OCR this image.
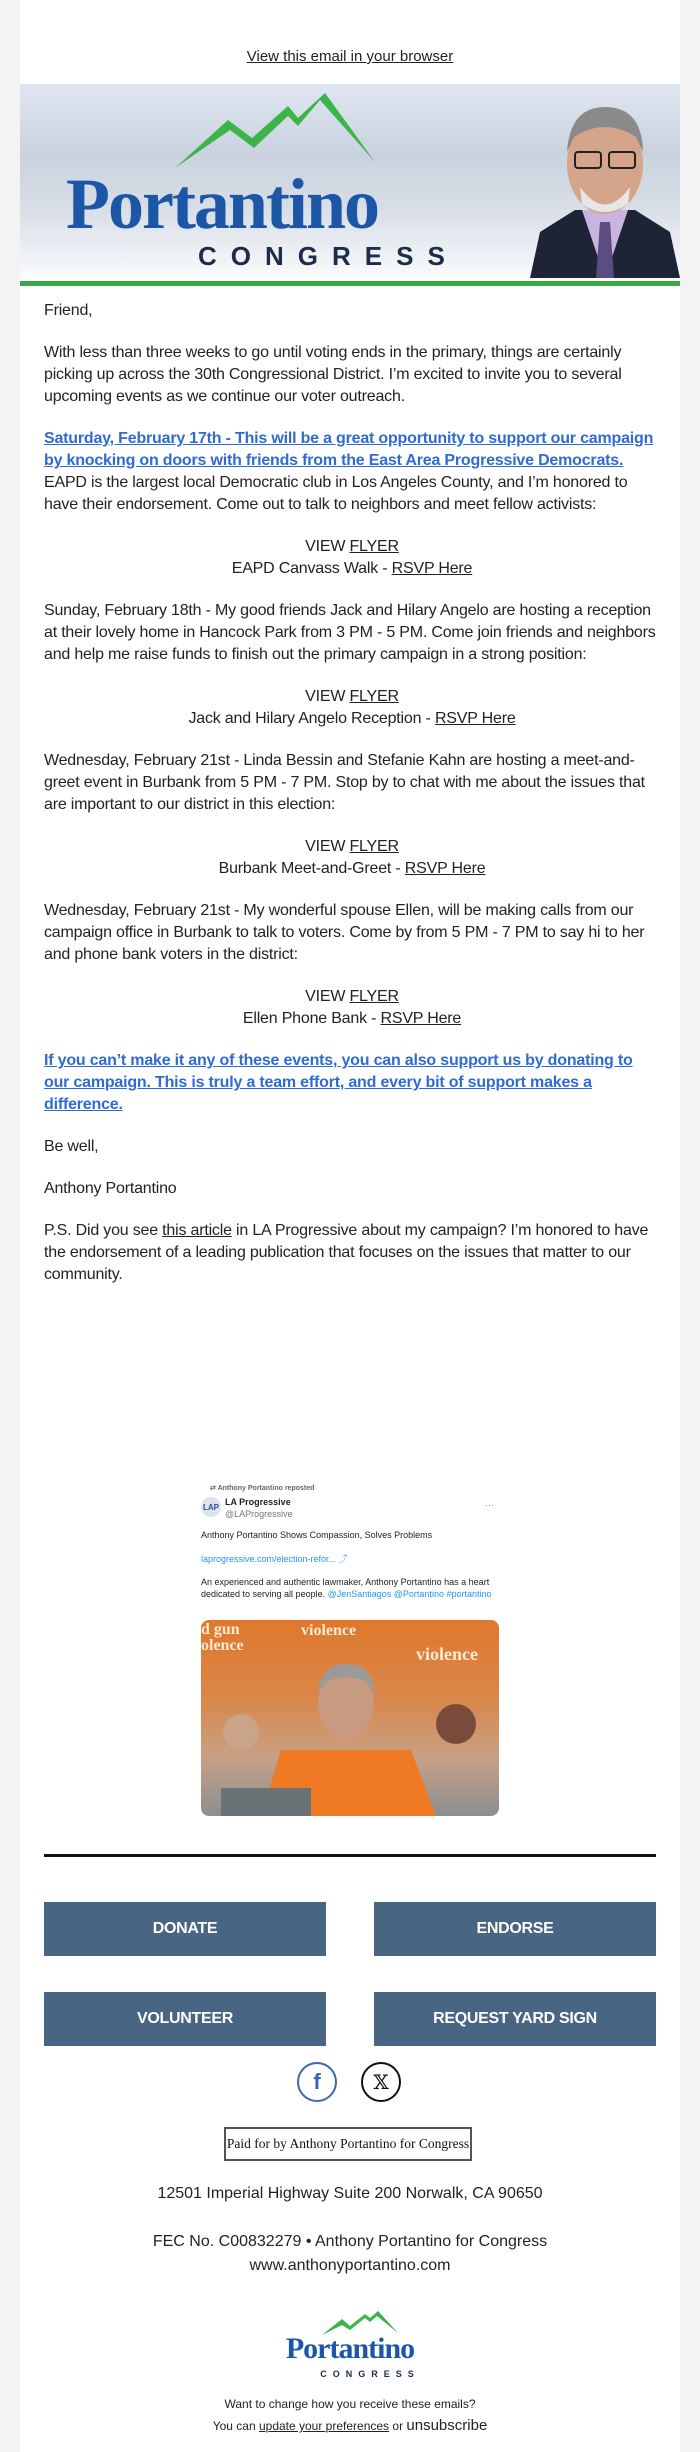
View this email in your browser
Portantino
CONGRESS

Friend,

With less than three weeks to go until voting ends in the primary, things are certainly picking up across the 30th Congressional District. I’m excited to invite you to several upcoming events as we continue our voter outreach.

Saturday, February 17th - This will be a great opportunity to support our campaign by knocking on doors with friends from the East Area Progressive Democrats. EAPD is the largest local Democratic club in Los Angeles County, and I’m honored to have their endorsement. Come out to talk to neighbors and meet fellow activists:

VIEW FLYER
EAPD Canvass Walk - RSVP Here

Sunday, February 18th - My good friends Jack and Hilary Angelo are hosting a reception at their lovely home in Hancock Park from 3 PM - 5 PM. Come join friends and neighbors and help me raise funds to finish out the primary campaign in a strong position:

VIEW FLYER
Jack and Hilary Angelo Reception - RSVP Here

Wednesday, February 21st - Linda Bessin and Stefanie Kahn are hosting a meet-and-greet event in Burbank from 5 PM - 7 PM. Stop by to chat with me about the issues that are important to our district in this election:

VIEW FLYER
Burbank Meet-and-Greet - RSVP Here

Wednesday, February 21st - My wonderful spouse Ellen, will be making calls from our campaign office in Burbank to talk to voters. Come by from 5 PM - 7 PM to say hi to her and phone bank voters in the district:

VIEW FLYER
Ellen Phone Bank - RSVP Here

If you can’t make it any of these events, you can also support us by donating to our campaign. This is truly a team effort, and every bit of support makes a difference.

Be well,

Anthony Portantino

P.S. Did you see this article in LA Progressive about my campaign? I’m honored to have the endorsement of a leading publication that focuses on the issues that matter to our community.

⇄ Anthony Portantino reposted
LAP LA Progressive
@LAProgressive
···
Anthony Portantino Shows Compassion, Solves Problems
laprogressive.com/election-refor... ⤴
An experienced and authentic lawmaker, Anthony Portantino has a heart dedicated to serving all people. @JenSantiagos @Portantino #portantino
d gun olence
violence
violence
DONATE	ENDORSE
VOLUNTEER	REQUEST YARD SIGN
f	𝕏
Paid for by Anthony Portantino for Congress
12501 Imperial Highway Suite 200 Norwalk, CA 90650
FEC No. C00832279 • Anthony Portantino for Congress
www.anthonyportantino.com
Portantino
CONGRESS
Want to change how you receive these emails?
You can update your preferences or unsubscribe
